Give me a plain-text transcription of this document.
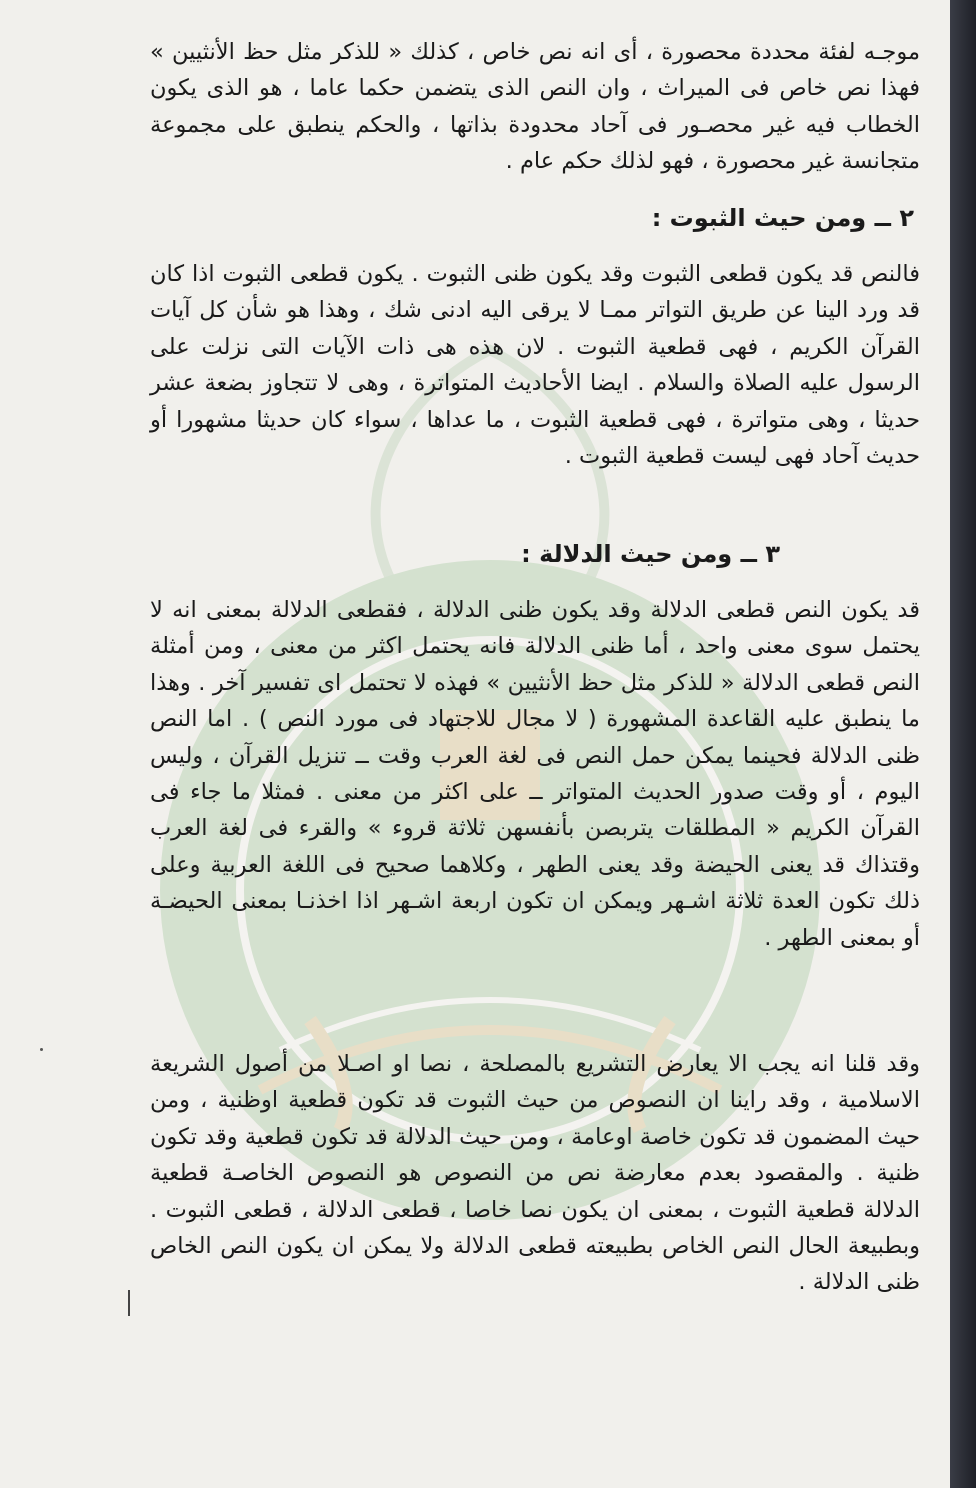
موجـه لفئة محددة محصورة ، أى انه نص خاص ، كذلك « للذكر مثل حظ الأنثيين » فهذا نص خاص فى الميراث ، وان النص الذى يتضمن حكما عاما ، هو الذى يكون الخطاب فيه غير محصـور فى آحاد محدودة بذاتها ، والحكم ينطبق على مجموعة متجانسة غير محصورة ، فهو لذلك حكم عام .

٢ ــ ومن حيث الثبوت :

فالنص قد يكون قطعى الثبوت وقد يكون ظنى الثبوت . يكون قطعى الثبوت اذا كان قد ورد الينا عن طريق التواتر ممـا لا يرقى اليه ادنى شك ، وهذا هو شأن كل آيات القرآن الكريم ، فهى قطعية الثبوت . لان هذه هى ذات الآيات التى نزلت على الرسول عليه الصلاة والسلام . ايضا الأحاديث المتواترة ، وهى لا تتجاوز بضعة عشر حديثا ، وهى متواترة ، فهى قطعية الثبوت ، ما عداها ، سواء كان حديثا مشهورا أو حديث آحاد فهى ليست قطعية الثبوت .

٣ ــ ومن حيث الدلالة :

قد يكون النص قطعى الدلالة وقد يكون ظنى الدلالة ، فقطعى الدلالة بمعنى انه لا يحتمل سوى معنى واحد ، أما ظنى الدلالة فانه يحتمل اكثر من معنى ، ومن أمثلة النص قطعى الدلالة « للذكر مثل حظ الأنثيين » فهذه لا تحتمل اى تفسير آخر . وهذا ما ينطبق عليه القاعدة المشهورة ( لا مجال للاجتهاد فى مورد النص ) . اما النص ظنى الدلالة فحينما يمكن حمل النص فى لغة العرب وقت ــ تنزيل القرآن ، وليس اليوم ، أو وقت صدور الحديث المتواتر ــ على اكثر من معنى . فمثلا ما جاء فى القرآن الكريم « المطلقات يتربصن بأنفسهن ثلاثة قروء » والقرء فى لغة العرب وقتذاك قد يعنى الحيضة وقد يعنى الطهر ، وكلاهما صحيح فى اللغة العربية وعلى ذلك تكون العدة ثلاثة اشـهر ويمكن ان تكون اربعة اشـهر اذا اخذنـا بمعنى الحيضـة أو بمعنى الطهر .

وقد قلنا انه يجب الا يعارض التشريع بالمصلحة ، نصا او اصـلا من أصول الشريعة الاسلامية ، وقد راينا ان النصوص من حيث الثبوت قد تكون قطعية اوظنية ، ومن حيث المضمون قد تكون خاصة اوعامة ، ومن حيث الدلالة قد تكون قطعية وقد تكون ظنية . والمقصود بعدم معارضة نص من النصوص هو النصوص الخاصـة قطعية الدلالة قطعية الثبوت ، بمعنى ان يكون نصا خاصا ، قطعى الدلالة ، قطعى الثبوت . وبطبيعة الحال النص الخاص بطبيعته قطعى الدلالة ولا يمكن ان يكون النص الخاص ظنى الدلالة .
